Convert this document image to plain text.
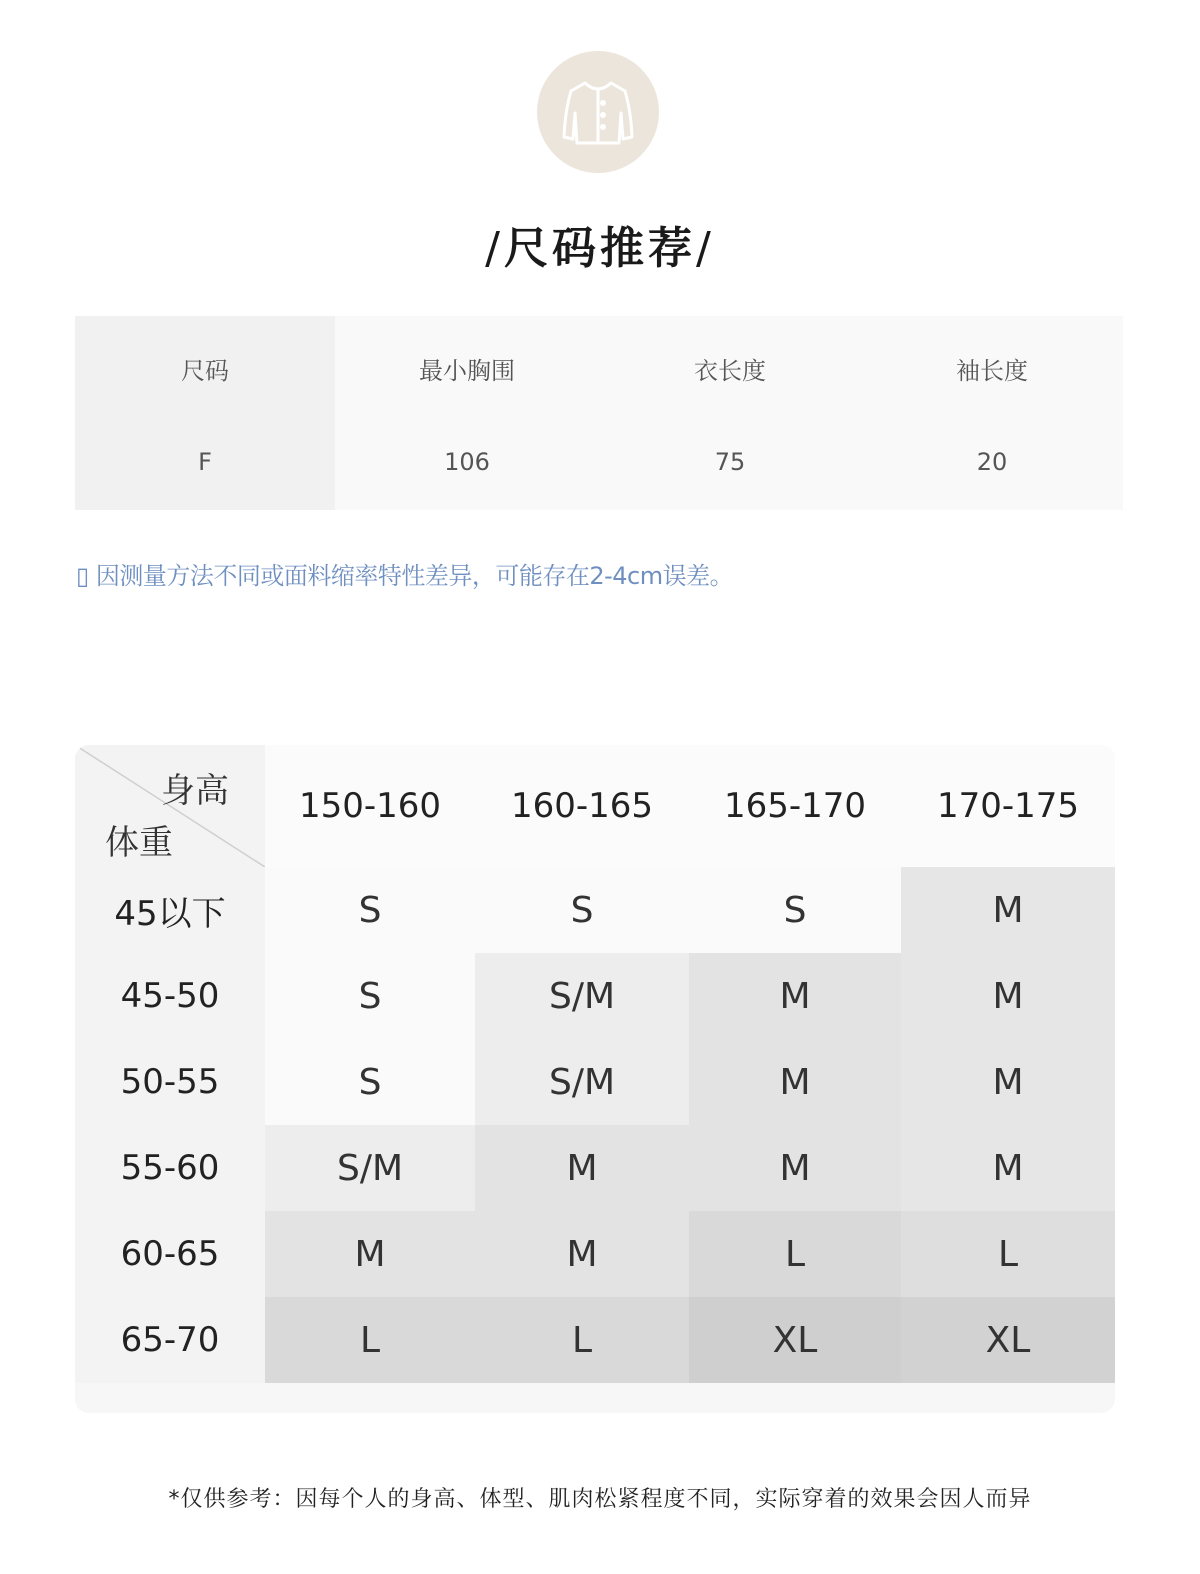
/尺码推荐/
尺码	最小胸围	衣长度	袖长度
F	106	75	20
▯ 因测量方法不同或面料缩率特性差异，可能存在2-4cm误差。
身高
体重
150-160	160-165	165-170	170-175
45以下	S	S	S	M
45-50	S	S/M	M	M
50-55	S	S/M	M	M
55-60	S/M	M	M	M
60-65	M	M	L	L
65-70	L	L	XL	XL
*仅供参考：因每个人的身高、体型、肌肉松紧程度不同，实际穿着的效果会因人而异
